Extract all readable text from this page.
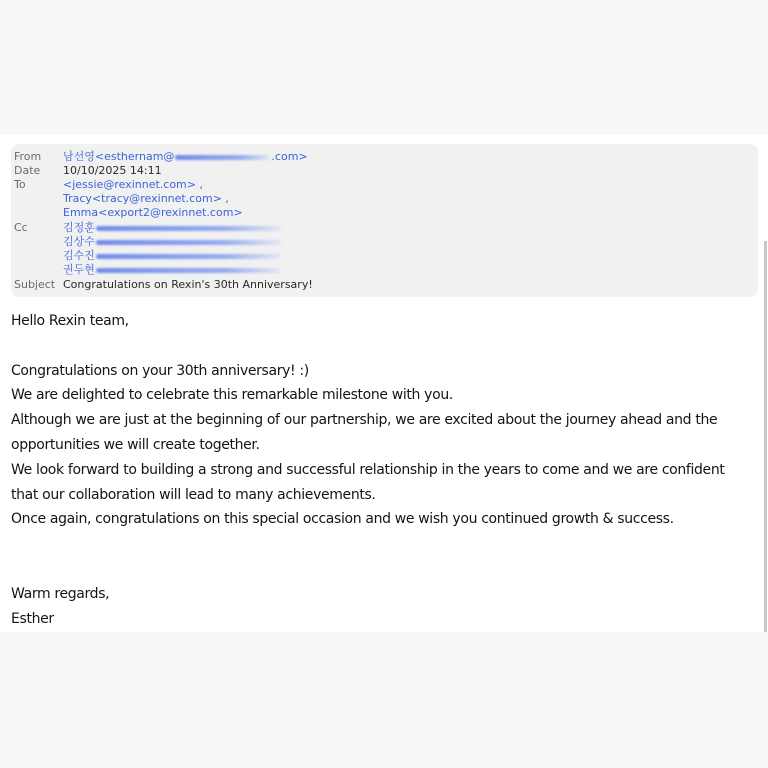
From 남선영<esthernam@	.com>
Date 10/10/2025 14:11
To	<jessie@rexinnet.com> ,
Tracy<tracy@rexinnet.com> ,
Emma<export2@rexinnet.com>
Cc	김정훈
김상수
김수진
권두현
Subject Congratulations on Rexin's 30th Anniversary!
Hello Rexin team,
Congratulations on your 30th anniversary! :)
We are delighted to celebrate this remarkable milestone with you.
Although we are just at the beginning of our partnership, we are excited about the journey ahead and the
opportunities we will create together.
We look forward to building a strong and successful relationship in the years to come and we are confident
that our collaboration will lead to many achievements.
Once again, congratulations on this special occasion and we wish you continued growth & success.
Warm regards,
Esther
